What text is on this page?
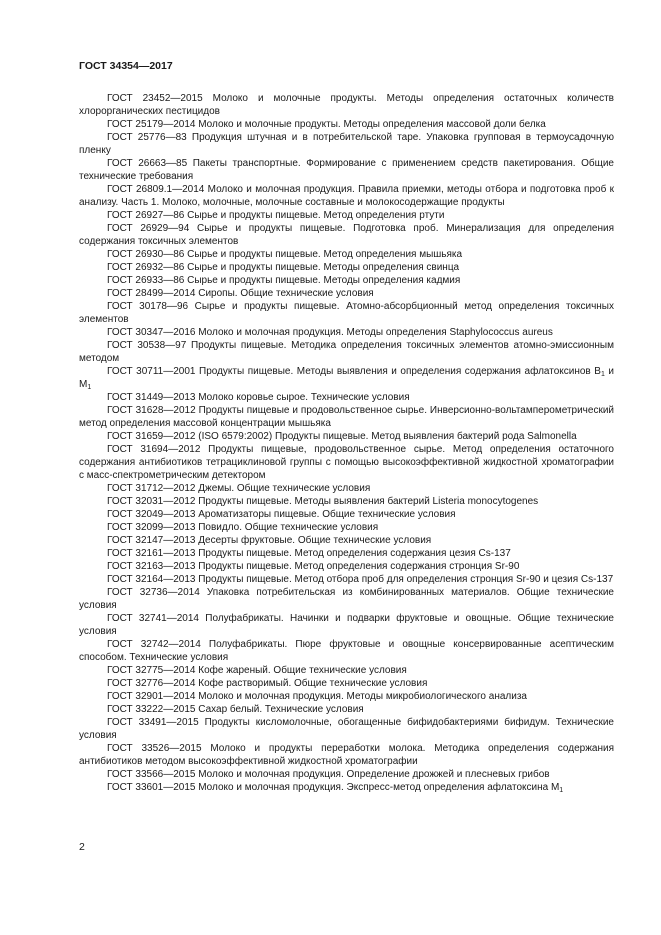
ГОСТ 34354—2017

ГОСТ 23452—2015 Молоко и молочные продукты. Методы определения остаточных количеств хлорорганических пестицидов

ГОСТ 25179—2014 Молоко и молочные продукты. Методы определения массовой доли белка

ГОСТ 25776—83 Продукция штучная и в потребительской таре. Упаковка групповая в термоусадочную пленку

ГОСТ 26663—85 Пакеты транспортные. Формирование с применением средств пакетирования. Общие технические требования

ГОСТ 26809.1—2014 Молоко и молочная продукция. Правила приемки, методы отбора и подготовка проб к анализу. Часть 1. Молоко, молочные, молочные составные и молокосодержащие продукты

ГОСТ 26927—86 Сырье и продукты пищевые. Метод определения ртути

ГОСТ 26929—94 Сырье и продукты пищевые. Подготовка проб. Минерализация для определения содержания токсичных элементов

ГОСТ 26930—86 Сырье и продукты пищевые. Метод определения мышьяка

ГОСТ 26932—86 Сырье и продукты пищевые. Методы определения свинца

ГОСТ 26933—86 Сырье и продукты пищевые. Методы определения кадмия

ГОСТ 28499—2014 Сиропы. Общие технические условия

ГОСТ 30178—96 Сырье и продукты пищевые. Атомно-абсорбционный метод определения токсичных элементов

ГОСТ 30347—2016 Молоко и молочная продукция. Методы определения Staphylococcus aureus

ГОСТ 30538—97 Продукты пищевые. Методика определения токсичных элементов атомно-эмиссионным методом

ГОСТ 30711—2001 Продукты пищевые. Методы выявления и определения содержания афлатоксинов $В_1$ и $М_1$

ГОСТ 31449—2013 Молоко коровье сырое. Технические условия

ГОСТ 31628—2012 Продукты пищевые и продовольственное сырье. Инверсионно-вольтамперометрический метод определения массовой концентрации мышьяка

ГОСТ 31659—2012 (ISO 6579:2002) Продукты пищевые. Метод выявления бактерий рода Salmonella

ГОСТ 31694—2012 Продукты пищевые, продовольственное сырье. Метод определения остаточного содержания антибиотиков тетрациклиновой группы с помощью высокоэффективной жидкостной хроматографии с масс-спектрометрическим детектором

ГОСТ 31712—2012 Джемы. Общие технические условия

ГОСТ 32031—2012 Продукты пищевые. Методы выявления бактерий Listeria monocytogenes

ГОСТ 32049—2013 Ароматизаторы пищевые. Общие технические условия

ГОСТ 32099—2013 Повидло. Общие технические условия

ГОСТ 32147—2013 Десерты фруктовые. Общие технические условия

ГОСТ 32161—2013 Продукты пищевые. Метод определения содержания цезия Cs-137

ГОСТ 32163—2013 Продукты пищевые. Метод определения содержания стронция Sr-90

ГОСТ 32164—2013 Продукты пищевые. Метод отбора проб для определения стронция Sr-90 и цезия Cs-137

ГОСТ 32736—2014 Упаковка потребительская из комбинированных материалов. Общие технические условия

ГОСТ 32741—2014 Полуфабрикаты. Начинки и подварки фруктовые и овощные. Общие технические условия

ГОСТ 32742—2014 Полуфабрикаты. Пюре фруктовые и овощные консервированные асептическим способом. Технические условия

ГОСТ 32775—2014 Кофе жареный. Общие технические условия

ГОСТ 32776—2014 Кофе растворимый. Общие технические условия

ГОСТ 32901—2014 Молоко и молочная продукция. Методы микробиологического анализа

ГОСТ 33222—2015 Сахар белый. Технические условия

ГОСТ 33491—2015 Продукты кисломолочные, обогащенные бифидобактериями бифидум. Технические условия

ГОСТ 33526—2015 Молоко и продукты переработки молока. Методика определения содержания антибиотиков методом высокоэффективной жидкостной хроматографии

ГОСТ 33566—2015 Молоко и молочная продукция. Определение дрожжей и плесневых грибов

ГОСТ 33601—2015 Молоко и молочная продукция. Экспресс-метод определения афлатоксина $М_1$

2
